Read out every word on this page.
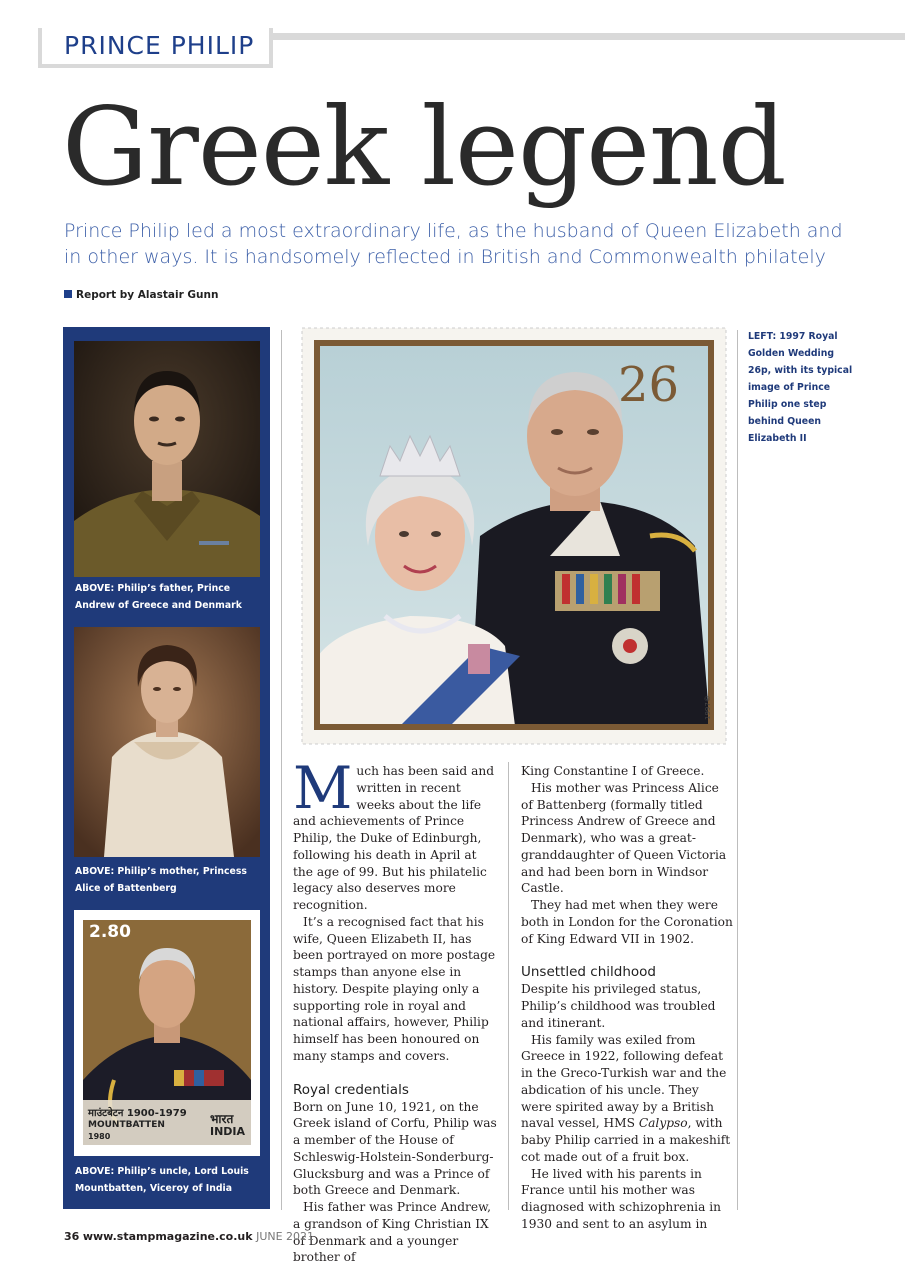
PRINCE PHILIP
Greek legend
Prince Philip led a most extraordinary life, as the husband of Queen Elizabeth and in other ways. It is handsomely reflected in British and Commonwealth philately
Report by Alastair Gunn
ABOVE: Philip’s father, Prince Andrew of Greece and Denmark
ABOVE: Philip’s mother, Princess Alice of Battenberg
2.80
माउंटबेटन 1900-1979
MOUNTBATTEN
1980
भारत
INDIA
ABOVE: Philip’s uncle, Lord Louis Mountbatten, Viceroy of India
26
1997©
LEFT: 1997 Royal Golden Wedding 26p, with its typical image of Prince Philip one step behind Queen Elizabeth II

Much has been said and written in recent weeks about the life and achievements of Prince Philip, the Duke of Edinburgh, following his death in April at the age of 99. But his philatelic legacy also deserves more recognition.

It’s a recognised fact that his wife, Queen Elizabeth II, has been portrayed on more postage stamps than anyone else in history. Despite playing only a supporting role in royal and national affairs, however, Philip himself has been honoured on many stamps and covers.

Royal credentials

Born on June 10, 1921, on the Greek island of Corfu, Philip was a member of the House of Schleswig-Holstein-Sonderburg-Glucksburg and was a Prince of both Greece and Denmark.

His father was Prince Andrew, a grandson of King Christian IX of Denmark and a younger brother of

King Constantine I of Greece.

His mother was Princess Alice of Battenberg (formally titled Princess Andrew of Greece and Denmark), who was a great-granddaughter of Queen Victoria and had been born in Windsor Castle.

They had met when they were both in London for the Coronation of King Edward VII in 1902.

Unsettled childhood

Despite his privileged status, Philip’s childhood was troubled and itinerant.

His family was exiled from Greece in 1922, following defeat in the Greco-Turkish war and the abdication of his uncle. They were spirited away by a British naval vessel, HMS Calypso, with baby Philip carried in a makeshift cot made out of a fruit box.

He lived with his parents in France until his mother was diagnosed with schizophrenia in 1930 and sent to an asylum in

36 www.stampmagazine.co.uk JUNE 2021
